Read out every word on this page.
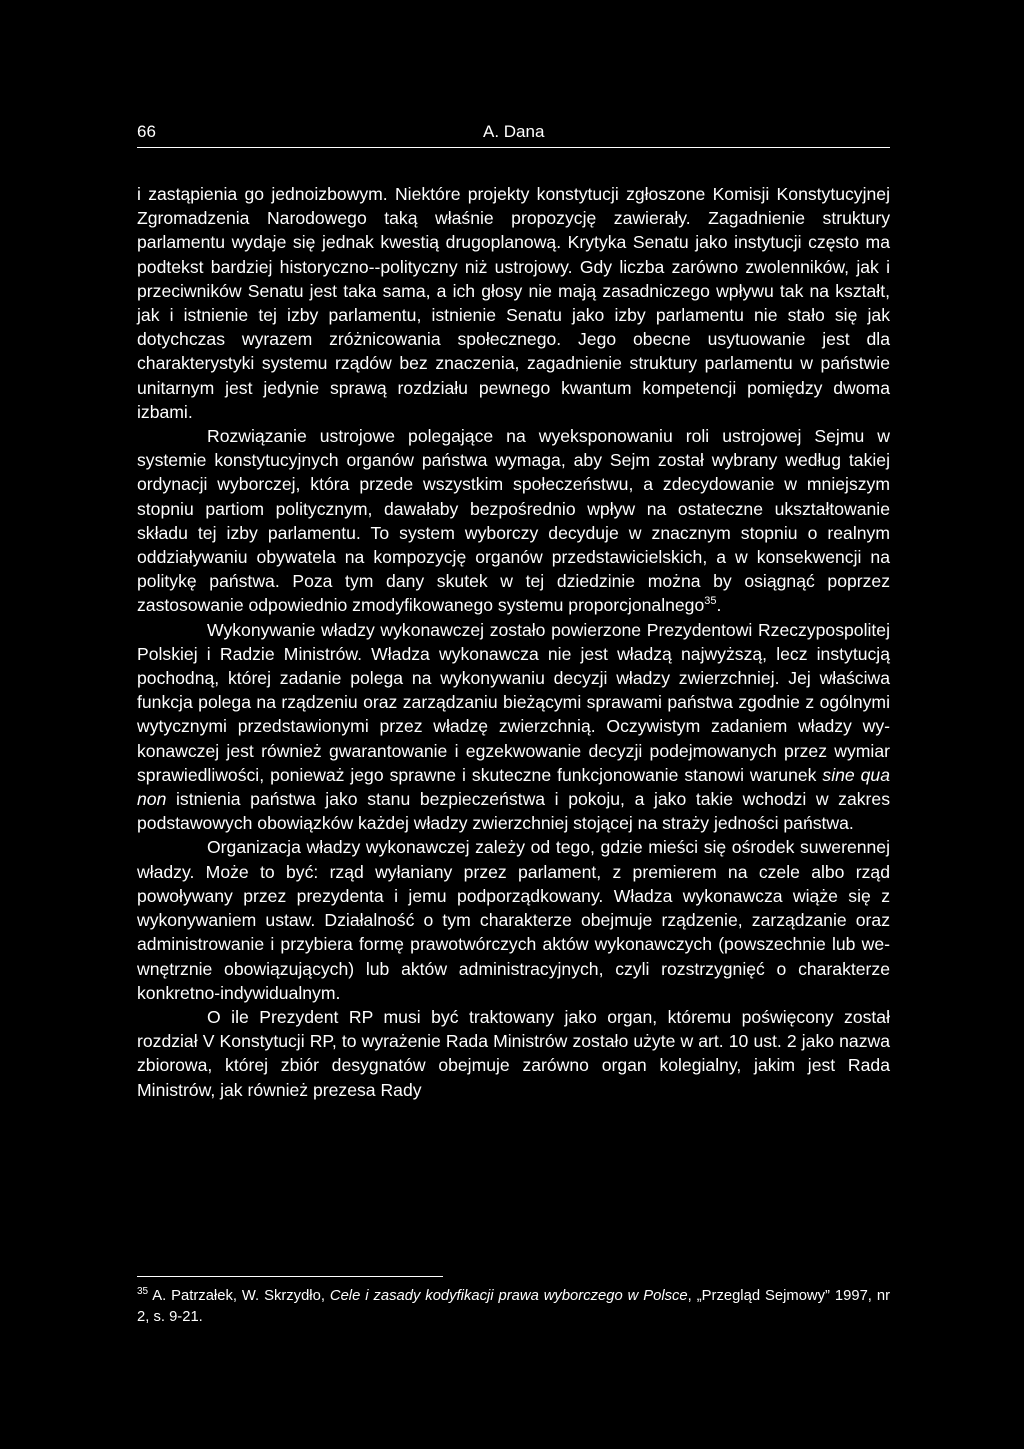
66	A. Dana

i zastąpienia go jednoizbowym. Niektóre projekty konstytucji zgłoszone Komisji Konstytucyjnej Zgromadzenia Narodowego taką właśnie propozycję zawierały. Zagadnienie struktury parlamentu wydaje się jednak kwestią drugoplanową. Krytyka Senatu jako instytucji często ma podtekst bardziej historyczno--polityczny niż ustrojowy. Gdy liczba zarówno zwolenników, jak i przeciwników Senatu jest taka sama, a ich głosy nie mają zasadniczego wpływu tak na kształt, jak i istnienie tej izby parlamentu, istnienie Senatu jako izby parlamentu nie stało się jak dotychczas wyrazem zróżnicowania społecznego. Jego obecne usytuowanie jest dla charakterystyki systemu rządów bez znaczenia, zagadnienie struktury parlamentu w państwie unitarnym jest jedynie sprawą rozdziału pewnego kwantum kompetencji pomiędzy dwoma izbami.

Rozwiązanie ustrojowe polegające na wyeksponowaniu roli ustrojowej Sejmu w systemie konstytucyjnych organów państwa wymaga, aby Sejm został wybrany według takiej ordynacji wyborczej, która przede wszystkim społeczeństwu, a zdecydowanie w mniejszym stopniu partiom politycznym, dawałaby bezpośrednio wpływ na ostateczne ukształtowanie składu tej izby parlamentu. To system wyborczy decyduje w znacznym stopniu o realnym oddziaływaniu obywatela na kompozycję organów przedstawicielskich, a w konsekwencji na politykę państwa. Poza tym dany skutek w tej dziedzinie można by osiągnąć poprzez zastosowanie odpowiednio zmodyfikowanego systemu proporcjonalnego$^{35}$.

Wykonywanie władzy wykonawczej zostało powierzone Prezydentowi Rzeczypospolitej Polskiej i Radzie Ministrów. Władza wykonawcza nie jest władzą najwyższą, lecz instytucją pochodną, której zadanie polega na wykonywaniu decyzji władzy zwierzchniej. Jej właściwa funkcja polega na rządzeniu oraz zarządzaniu bieżącymi sprawami państwa zgodnie z ogólnymi wytycznymi przedstawionymi przez władzę zwierzchnią. Oczywistym zadaniem władzy wykonawczej jest również gwarantowanie i egzekwowanie decyzji podejmowanych przez wymiar sprawiedliwości, ponieważ jego sprawne i skuteczne funkcjonowanie stanowi warunek sine qua non istnienia państwa jako stanu bezpieczeństwa i pokoju, a jako takie wchodzi w zakres podstawowych obowiązków każdej władzy zwierzchniej stojącej na straży jedności państwa.

Organizacja władzy wykonawczej zależy od tego, gdzie mieści się ośrodek suwerennej władzy. Może to być: rząd wyłaniany przez parlament, z premierem na czele albo rząd powoływany przez prezydenta i jemu podporządkowany. Władza wykonawcza wiąże się z wykonywaniem ustaw. Działalność o tym charakterze obejmuje rządzenie, zarządzanie oraz administrowanie i przybiera formę prawotwórczych aktów wykonawczych (powszechnie lub wewnętrznie obowiązujących) lub aktów administracyjnych, czyli rozstrzygnięć o charakterze konkretno-indywidualnym.

O ile Prezydent RP musi być traktowany jako organ, któremu poświęcony został rozdział V Konstytucji RP, to wyrażenie Rada Ministrów zostało użyte w art. 10 ust. 2 jako nazwa zbiorowa, której zbiór desygnatów obejmuje zarówno organ kolegialny, jakim jest Rada Ministrów, jak również prezesa Rady

$^{35}$ A. Patrzałek, W. Skrzydło, Cele i zasady kodyfikacji prawa wyborczego w Polsce, „Przegląd Sejmowy” 1997, nr 2, s. 9-21.
